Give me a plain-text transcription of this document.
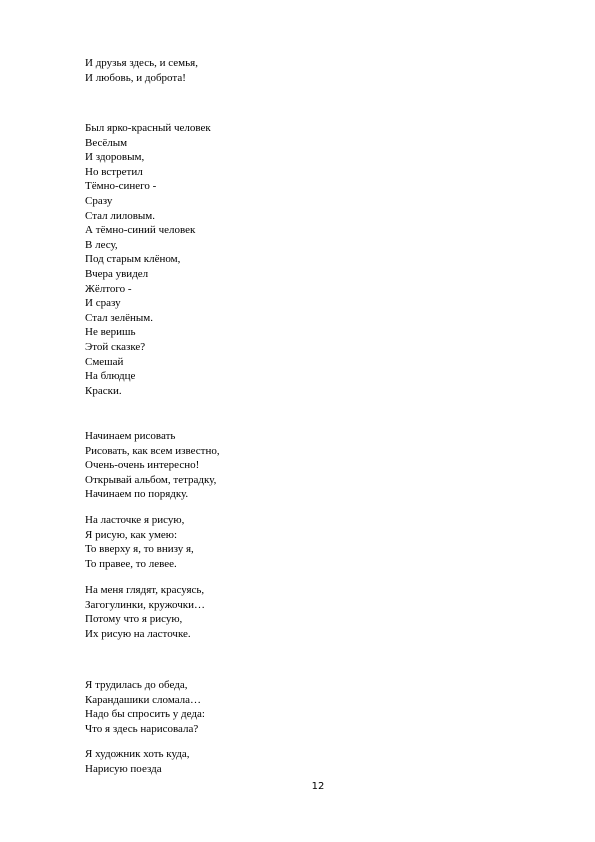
И друзья здесь, и семья,
И любовь, и доброта!
Был ярко-красный человек
Весёлым
И здоровым,
Но встретил
Тёмно-синего -
Сразу
Стал лиловым.
А тёмно-синий человек
В лесу,
Под старым клёном,
Вчера увидел
Жёлтого -
И сразу
Стал зелёным.
Не веришь
Этой сказке?
Смешай
На блюдце
Краски.
Начинаем рисовать
Рисовать, как всем известно,
Очень-очень интересно!
Открывай альбом, тетрадку,
Начинаем по порядку.
На ласточке я рисую,
Я рисую, как умею:
То вверху я, то внизу я,
То правее, то левее.
На меня глядят, красуясь,
Загогулинки, кружочки…
Потому что я рисую,
Их рисую на ласточке.
Я трудилась до обеда,
Карандашики сломала…
Надо бы спросить у деда:
Что я здесь нарисовала?
Я художник хоть куда,
Нарисую поезда
12
